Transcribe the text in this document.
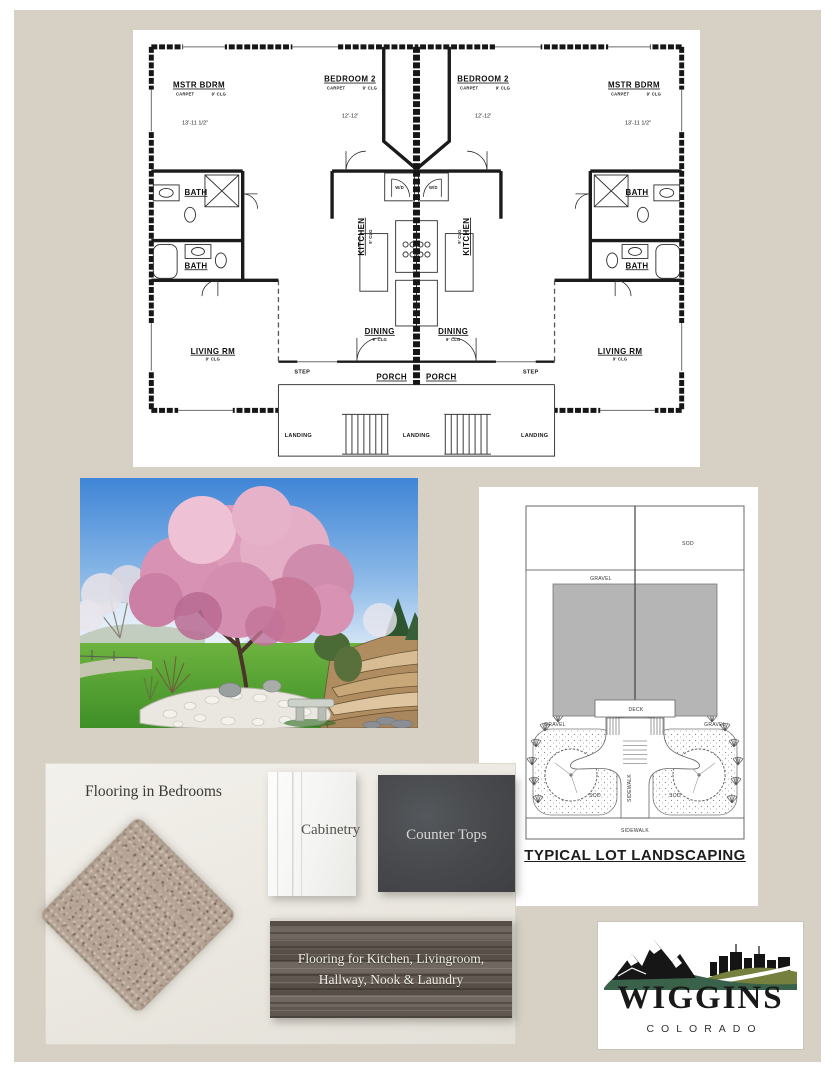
MSTR BDRM
CARPET	9' CLG
13'-11 1/2"
BEDROOM 2
CARPET	9' CLG
12'-12'
BATH
BATH
W/D
KITCHEN 9' CLG
DINING
9' CLG
LIVING RM
9' CLG
PORCH
STEP
MSTR BDRM
CARPET	9' CLG
13'-11 1/2"
BEDROOM 2
CARPET	9' CLG
12'-12'
BATH
BATH
W/D
KITCHEN
9' CLG
DINING
9' CLG
LIVING RM
9' CLG
PORCH	STEP
LANDING	LANDING	LANDING
SOD
GRAVEL
DECK
GRAVEL	GRAVEL
SOD	SOD
SIDEWALK
SIDEWALK
TYPICAL LOT LANDSCAPING
Flooring in Bedrooms
Cabinetry	Counter Tops
Flooring for Kitchen, Livingroom,
Hallway, Nook & Laundry
WIGGINS
COLORADO
